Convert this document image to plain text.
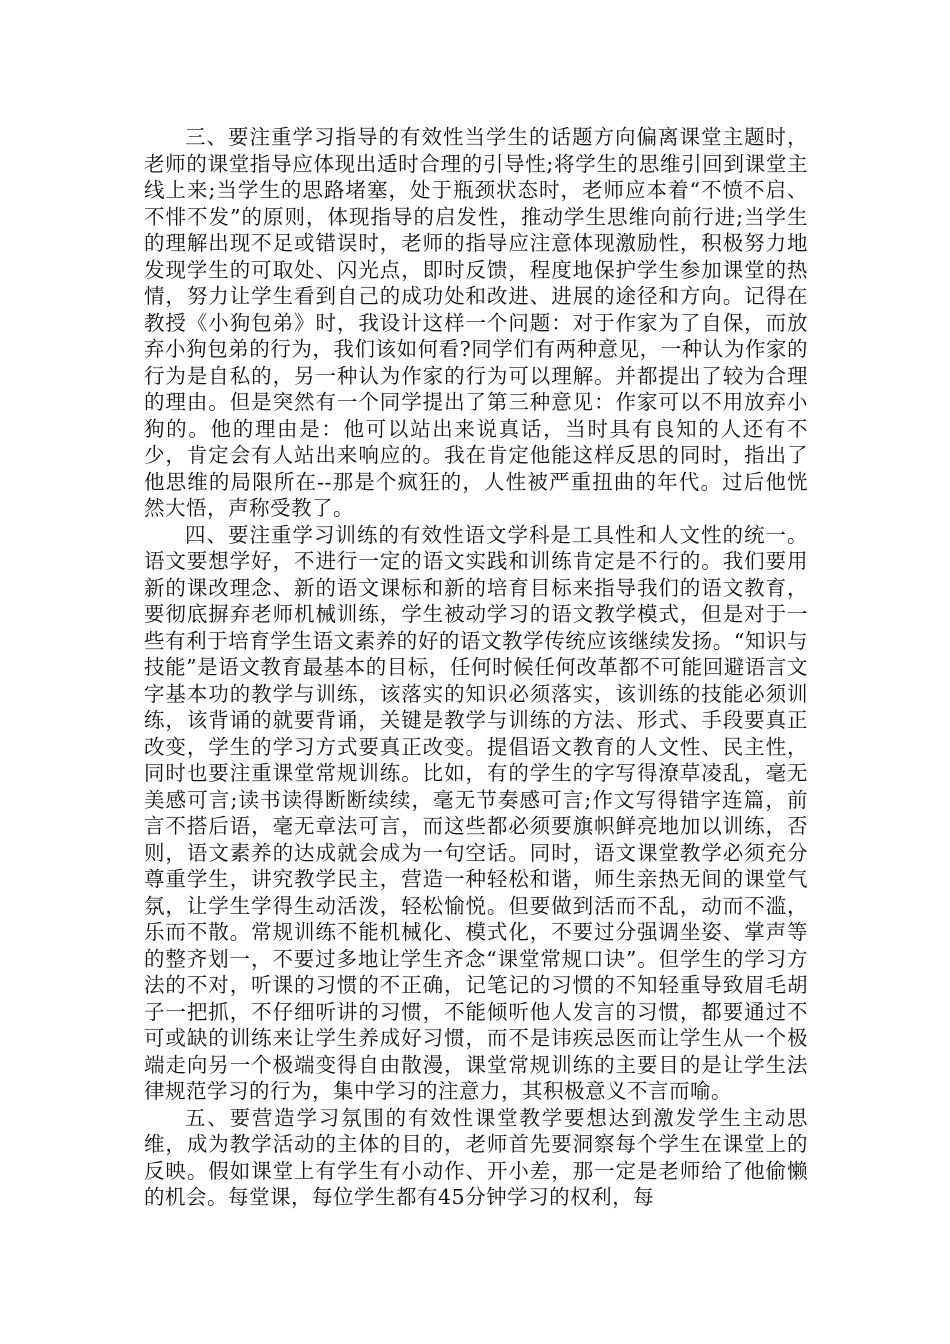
三、要注重学习指导的有效性当学生的话题方向偏离课堂主题时，老师的课堂指导应体现出适时合理的引导性;将学生的思维引回到课堂主线上来;当学生的思路堵塞，处于瓶颈状态时，老师应本着“不愤不启、不悱不发”的原则，体现指导的启发性，推动学生思维向前行进;当学生的理解出现不足或错误时，老师的指导应注意体现激励性，积极努力地发现学生的可取处、闪光点，即时反馈，程度地保护学生参加课堂的热情，努力让学生看到自己的成功处和改进、进展的途径和方向。记得在教授《小狗包弟》时，我设计这样一个问题：对于作家为了自保，而放弃小狗包弟的行为，我们该如何看?同学们有两种意见，一种认为作家的行为是自私的，另一种认为作家的行为可以理解。并都提出了较为合理的理由。但是突然有一个同学提出了第三种意见：作家可以不用放弃小狗的。他的理由是：他可以站出来说真话，当时具有良知的人还有不少，肯定会有人站出来响应的。我在肯定他能这样反思的同时，指出了他思维的局限所在--那是个疯狂的，人性被严重扭曲的年代。过后他恍然大悟，声称受教了。

四、要注重学习训练的有效性语文学科是工具性和人文性的统一。语文要想学好，不进行一定的语文实践和训练肯定是不行的。我们要用新的课改理念、新的语文课标和新的培育目标来指导我们的语文教育，要彻底摒弃老师机械训练，学生被动学习的语文教学模式，但是对于一些有利于培育学生语文素养的好的语文教学传统应该继续发扬。“知识与技能”是语文教育最基本的目标，任何时候任何改革都不可能回避语言文字基本功的教学与训练，该落实的知识必须落实，该训练的技能必须训练，该背诵的就要背诵，关键是教学与训练的方法、形式、手段要真正改变，学生的学习方式要真正改变。提倡语文教育的人文性、民主性，同时也要注重课堂常规训练。比如，有的学生的字写得潦草凌乱，毫无美感可言;读书读得断断续续，毫无节奏感可言;作文写得错字连篇，前言不搭后语，毫无章法可言，而这些都必须要旗帜鲜亮地加以训练，否则，语文素养的达成就会成为一句空话。同时，语文课堂教学必须充分尊重学生，讲究教学民主，营造一种轻松和谐，师生亲热无间的课堂气氛，让学生学得生动活泼，轻松愉悦。但要做到活而不乱，动而不滥，乐而不散。常规训练不能机械化、模式化，不要过分强调坐姿、掌声等的整齐划一，不要过多地让学生齐念“课堂常规口诀”。但学生的学习方法的不对，听课的习惯的不正确，记笔记的习惯的不知轻重导致眉毛胡子一把抓，不仔细听讲的习惯，不能倾听他人发言的习惯，都要通过不可或缺的训练来让学生养成好习惯，而不是讳疾忌医而让学生从一个极端走向另一个极端变得自由散漫，课堂常规训练的主要目的是让学生法律规范学习的行为，集中学习的注意力，其积极意义不言而喻。

五、要营造学习氛围的有效性课堂教学要想达到激发学生主动思维，成为教学活动的主体的目的，老师首先要洞察每个学生在课堂上的反映。假如课堂上有学生有小动作、开小差，那一定是老师给了他偷懒的机会。每堂课，每位学生都有45分钟学习的权利，每
